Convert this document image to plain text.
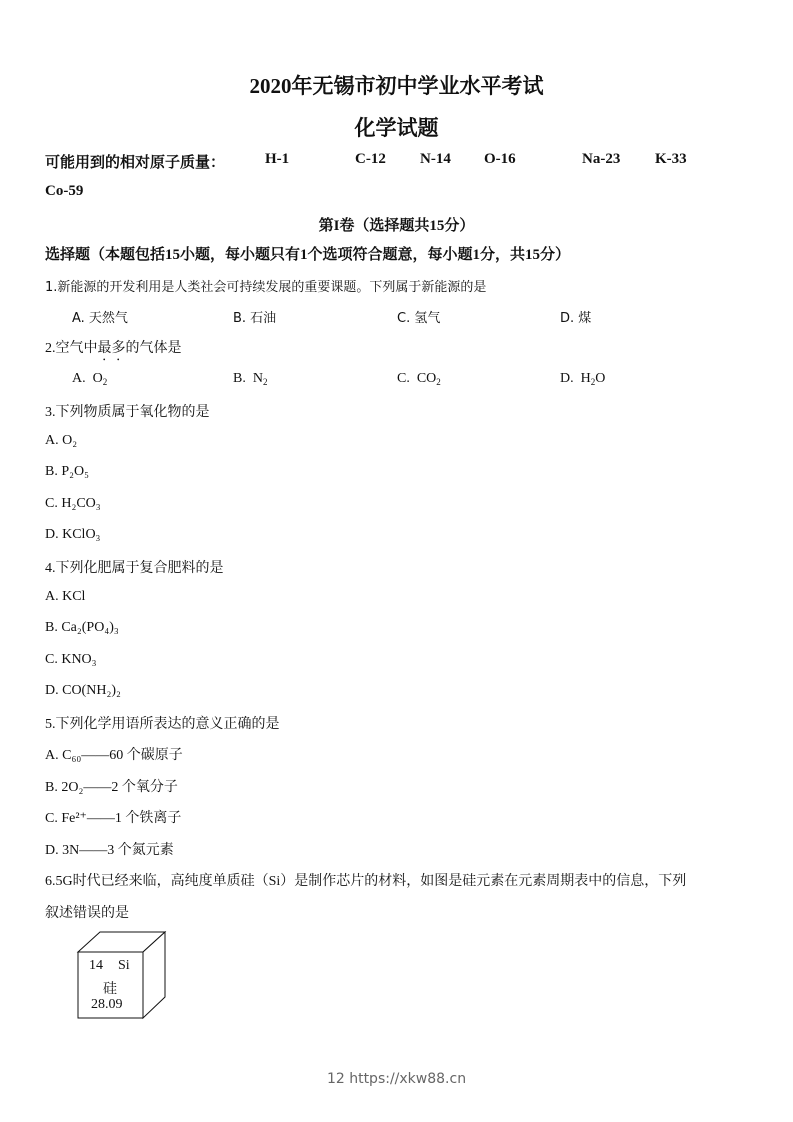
2020年无锡市初中学业水平考试
化学试题
可能用到的相对原子质量：	H-1	C-12 N-14 O-16	Na-23 K-33
Co-59
第I卷（选择题共15分）
选择题（本题包括15小题，每小题只有1个选项符合题意，每小题1分，共15分）
1.新能源的开发利用是人类社会可持续发展的重要课题。下列属于新能源的是
A. 天然气	B. 石油	C. 氢气	D. 煤
2.空气中最多的气体是
A. $O_2$	B. $N_2$	C. $CO_2$	D. $H_2O$
3.下列物质属于氧化物的是
A. O₂
B. P₂O₅
C. H₂CO₃
D. KClO₃
4.下列化肥属于复合肥料的是
A. KCl
B. Ca₂(PO₄)₃
C. KNO₃
D. CO(NH₂)₂
5.下列化学用语所表达的意义正确的是
A. C₆₀——60 个碳原子
B. 2O₂——2 个氧分子
C. Fe²⁺——1 个铁离子
D. 3N——3 个氮元素
6.5G时代已经来临，高纯度单质硅（Si）是制作芯片的材料，如图是硅元素在元素周期表中的信息，下列
叙述错误的是
14 Si
硅
28.09
12 https://xkw88.cn
